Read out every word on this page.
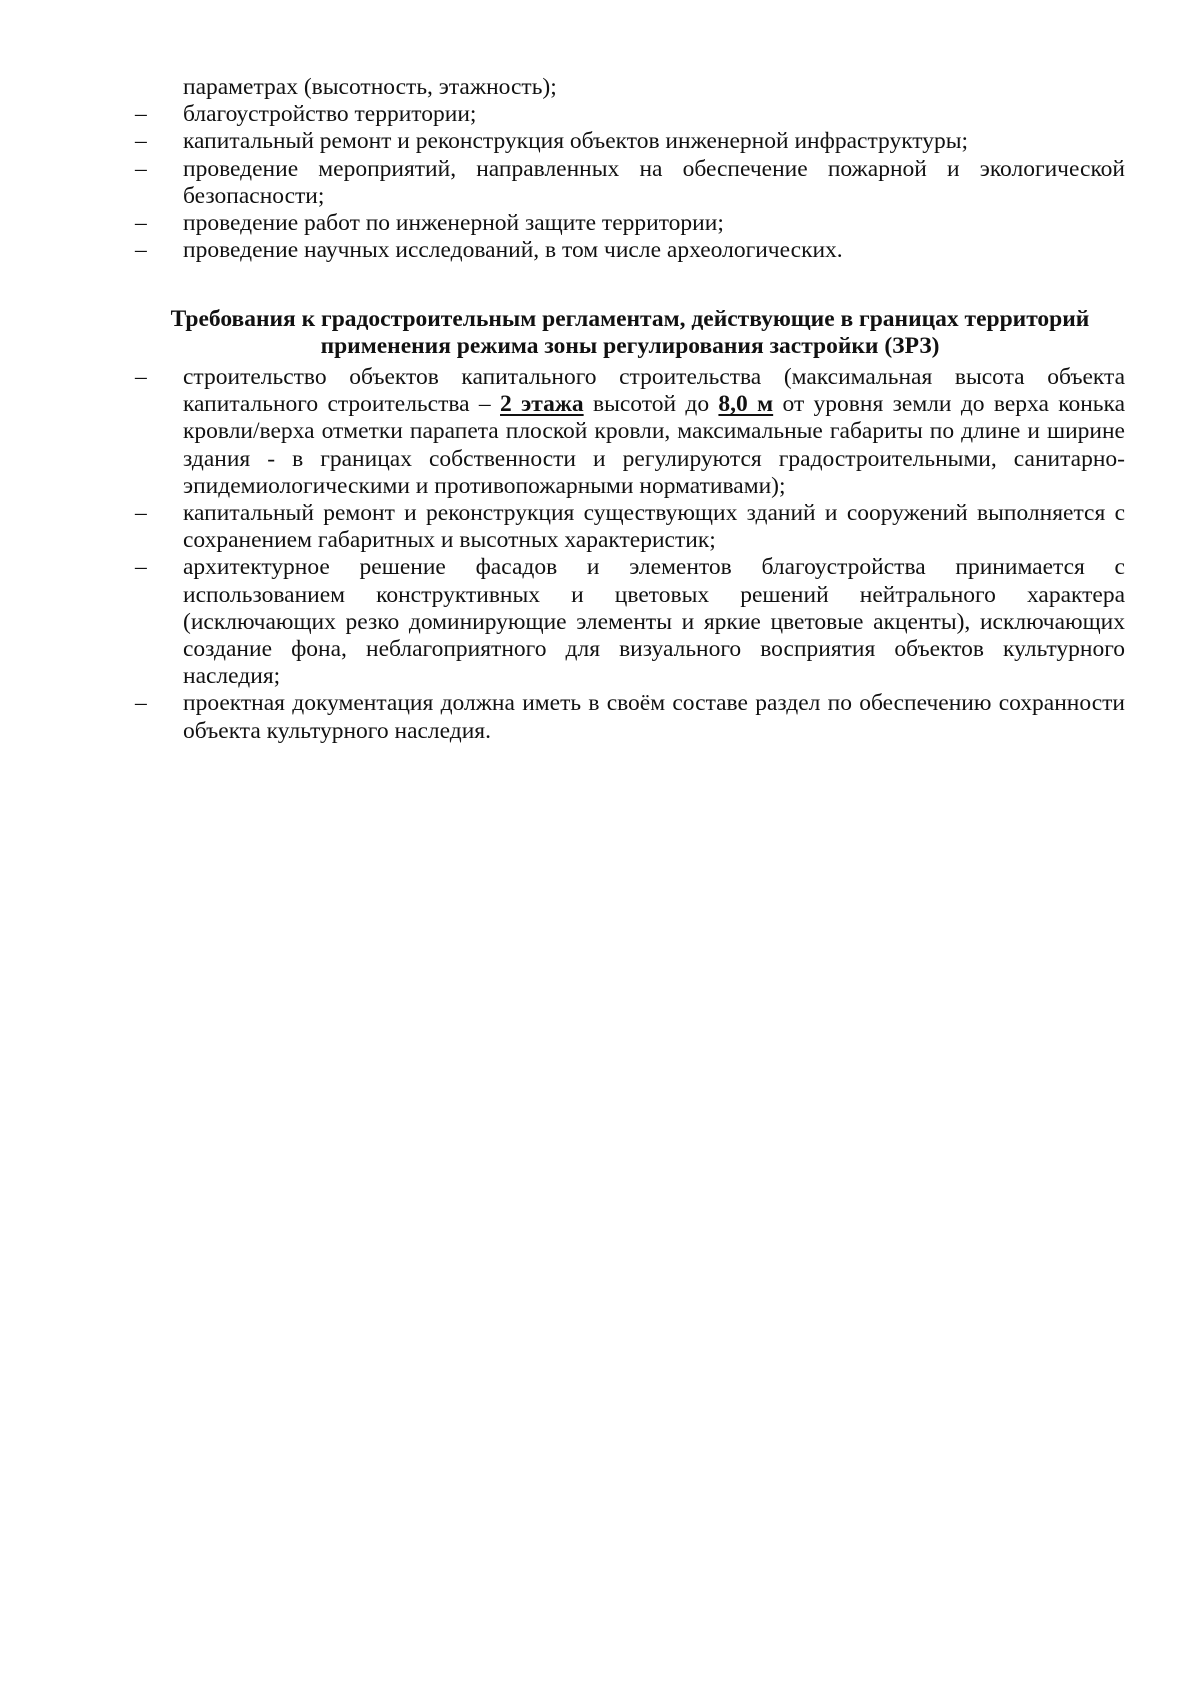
параметрах (высотность, этажность);
–
благоустройство территории;
–
капитальный ремонт и реконструкция объектов инженерной инфраструктуры;
–
проведение мероприятий, направленных на обеспечение пожарной и экологической безопасности;
–
проведение работ по инженерной защите территории;
–
проведение научных исследований, в том числе археологических.
Требования к градостроительным регламентам, действующие в границах территорий применения режима зоны регулирования застройки (ЗРЗ)
–
строительство объектов капитального строительства (максимальная высота объекта капитального строительства – 2 этажа высотой до 8,0 м от уровня земли до верха конька кровли/верха отметки парапета плоской кровли, максимальные габариты по длине и ширине здания - в границах собственности и регулируются градостроительными, санитарно-эпидемиологическими и противопожарными нормативами);
–
капитальный ремонт и реконструкция существующих зданий и сооружений выполняется с сохранением габаритных и высотных характеристик;
–
архитектурное решение фасадов и элементов благоустройства принимается с использованием конструктивных и цветовых решений нейтрального характера (исключающих резко доминирующие элементы и яркие цветовые акценты), исключающих создание фона, неблагоприятного для визуального восприятия объектов культурного наследия;
–
проектная документация должна иметь в своём составе раздел по обеспечению сохранности объекта культурного наследия.
